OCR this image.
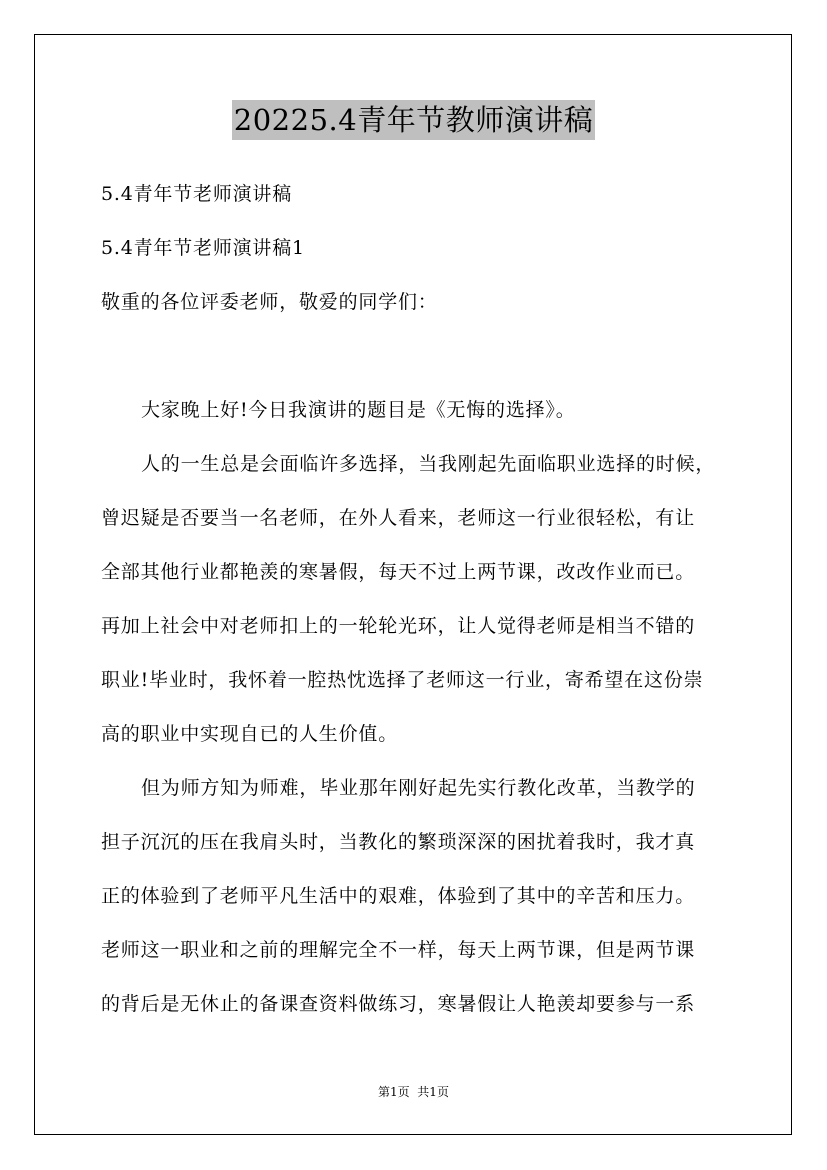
20225.4青年节教师演讲稿
5.4青年节老师演讲稿
5.4青年节老师演讲稿1
敬重的各位评委老师，敬爱的同学们：
大家晚上好!今日我演讲的题目是《无悔的选择》。
人的一生总是会面临许多选择，当我刚起先面临职业选择的时候，
曾迟疑是否要当一名老师，在外人看来，老师这一行业很轻松，有让
全部其他行业都艳羡的寒暑假，每天不过上两节课，改改作业而已。
再加上社会中对老师扣上的一轮轮光环，让人觉得老师是相当不错的
职业!毕业时，我怀着一腔热忱选择了老师这一行业，寄希望在这份崇
高的职业中实现自已的人生价值。
但为师方知为师难，毕业那年刚好起先实行教化改革，当教学的
担子沉沉的压在我肩头时，当教化的繁琐深深的困扰着我时，我才真
正的体验到了老师平凡生活中的艰难，体验到了其中的辛苦和压力。
老师这一职业和之前的理解完全不一样，每天上两节课，但是两节课
的背后是无休止的备课查资料做练习，寒暑假让人艳羡却要参与一系
第1页  共1页
